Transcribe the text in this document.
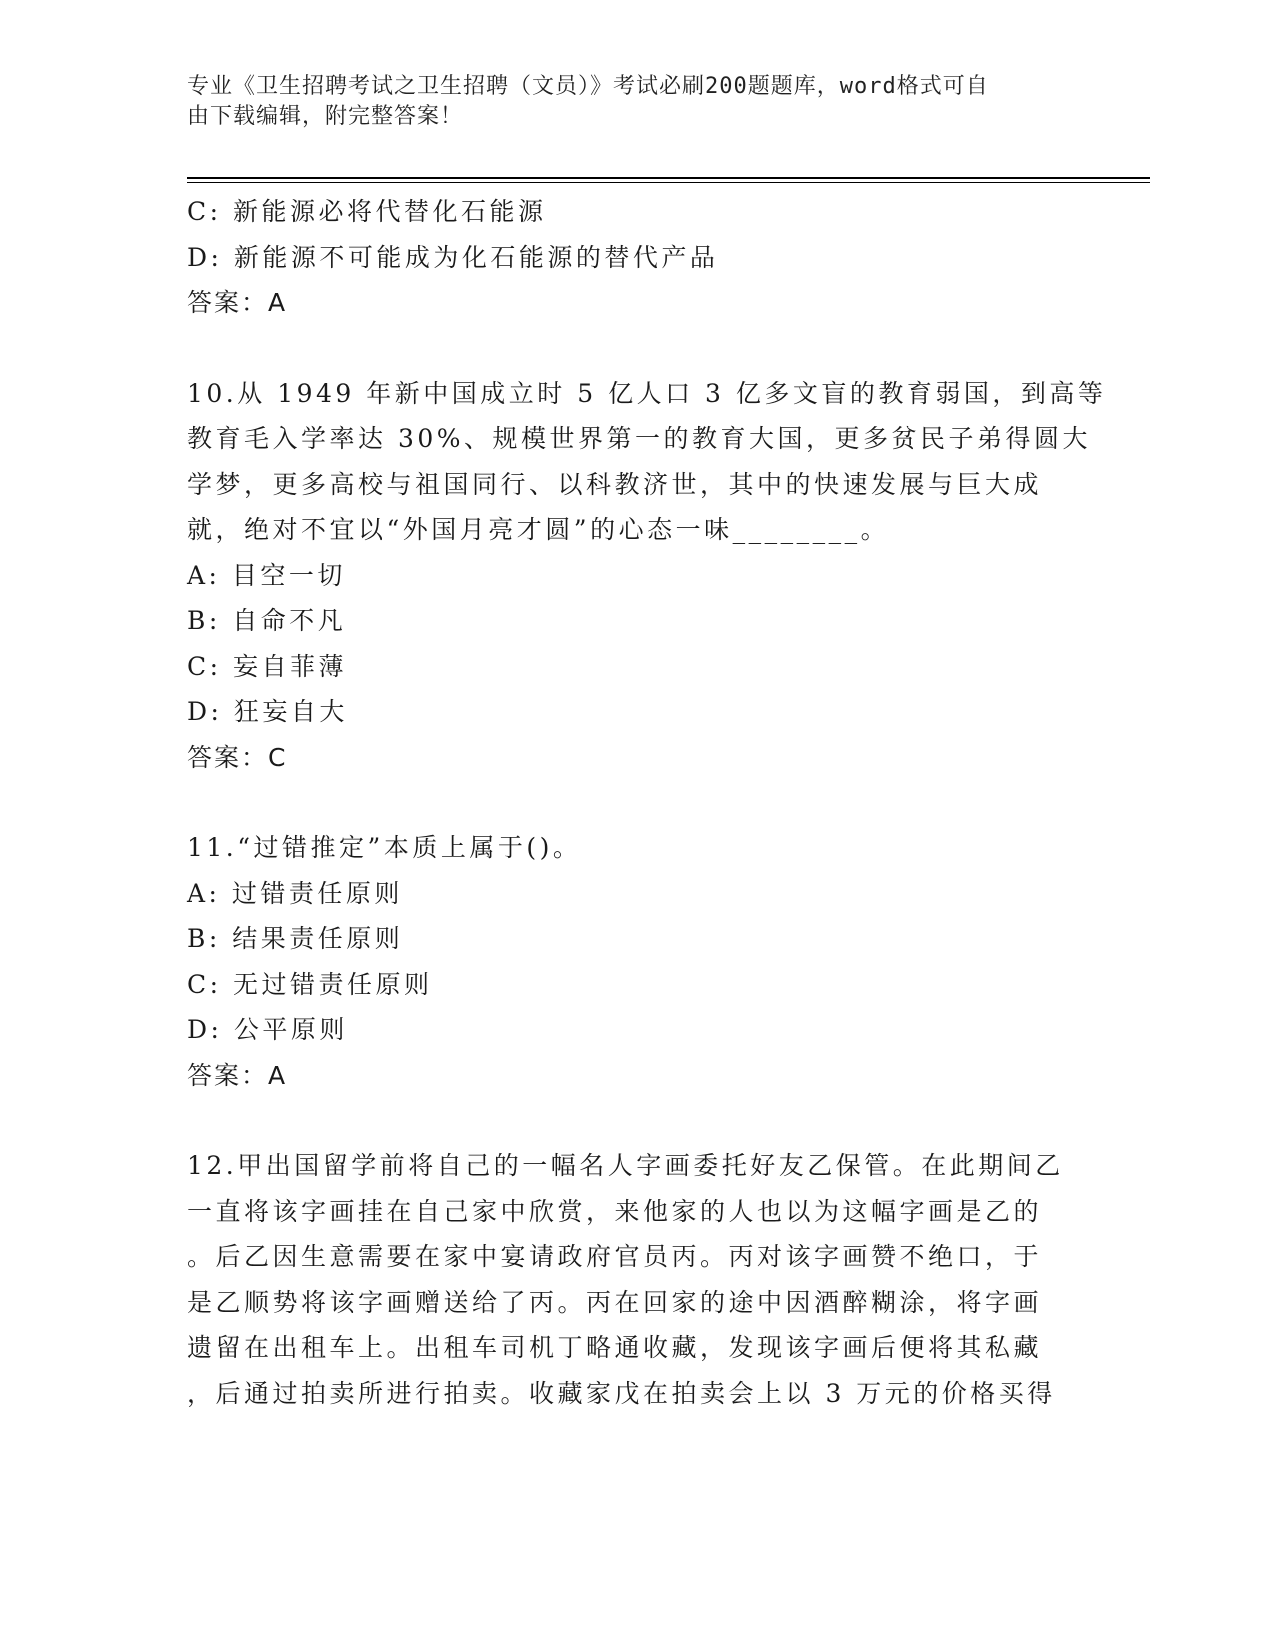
专业《卫生招聘考试之卫生招聘（文员）》考试必刷200题题库，word格式可自
由下载编辑，附完整答案！
C: 新能源必将代替化石能源
D: 新能源不可能成为化石能源的替代产品
答案：A
10.从 1949 年新中国成立时 5 亿人口 3 亿多文盲的教育弱国，到高等
教育毛入学率达 30%、规模世界第一的教育大国，更多贫民子弟得圆大
学梦，更多高校与祖国同行、以科教济世，其中的快速发展与巨大成
就，绝对不宜以“外国月亮才圆”的心态一味________。
A: 目空一切
B: 自命不凡
C: 妄自菲薄
D: 狂妄自大
答案：C
11.“过错推定”本质上属于()。
A: 过错责任原则
B: 结果责任原则
C: 无过错责任原则
D: 公平原则
答案：A
12.甲出国留学前将自己的一幅名人字画委托好友乙保管。在此期间乙
一直将该字画挂在自己家中欣赏，来他家的人也以为这幅字画是乙的
。后乙因生意需要在家中宴请政府官员丙。丙对该字画赞不绝口，于
是乙顺势将该字画赠送给了丙。丙在回家的途中因酒醉糊涂，将字画
遗留在出租车上。出租车司机丁略通收藏，发现该字画后便将其私藏
，后通过拍卖所进行拍卖。收藏家戊在拍卖会上以 3 万元的价格买得
